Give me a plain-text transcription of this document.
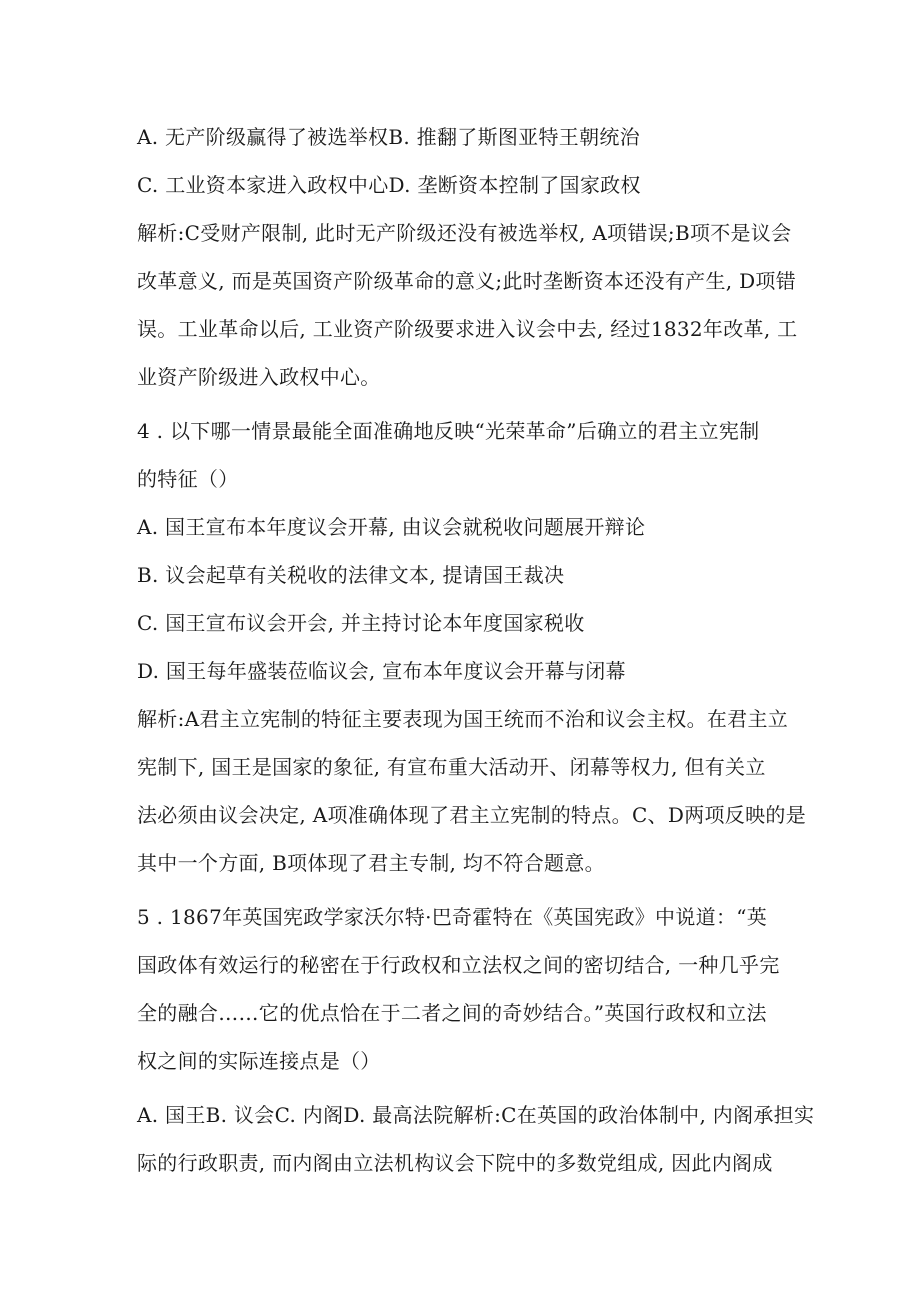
A. 无产阶级赢得了被选举权B. 推翻了斯图亚特王朝统治
C. 工业资本家进入政权中心D. 垄断资本控制了国家政权
解析:C受财产限制, 此时无产阶级还没有被选举权, A项错误;B项不是议会
改革意义, 而是英国资产阶级革命的意义;此时垄断资本还没有产生, D项错
误。工业革命以后, 工业资产阶级要求进入议会中去, 经过1832年改革, 工
业资产阶级进入政权中心。
4 . 以下哪一情景最能全面准确地反映“光荣革命”后确立的君主立宪制
的特征（）
A. 国王宣布本年度议会开幕, 由议会就税收问题展开辩论
B. 议会起草有关税收的法律文本, 提请国王裁决
C. 国王宣布议会开会, 并主持讨论本年度国家税收
D. 国王每年盛装莅临议会, 宣布本年度议会开幕与闭幕
解析:A君主立宪制的特征主要表现为国王统而不治和议会主权。在君主立
宪制下, 国王是国家的象征, 有宣布重大活动开、闭幕等权力, 但有关立
法必须由议会决定, A项准确体现了君主立宪制的特点。C、D两项反映的是
其中一个方面, B项体现了君主专制, 均不符合题意。
5 . 1867年英国宪政学家沃尔特·巴奇霍特在《英国宪政》中说道：“英
国政体有效运行的秘密在于行政权和立法权之间的密切结合, 一种几乎完
全的融合……它的优点恰在于二者之间的奇妙结合。”英国行政权和立法
权之间的实际连接点是（）
A. 国王B. 议会C. 内阁D. 最高法院解析:C在英国的政治体制中, 内阁承担实
际的行政职责, 而内阁由立法机构议会下院中的多数党组成, 因此内阁成
